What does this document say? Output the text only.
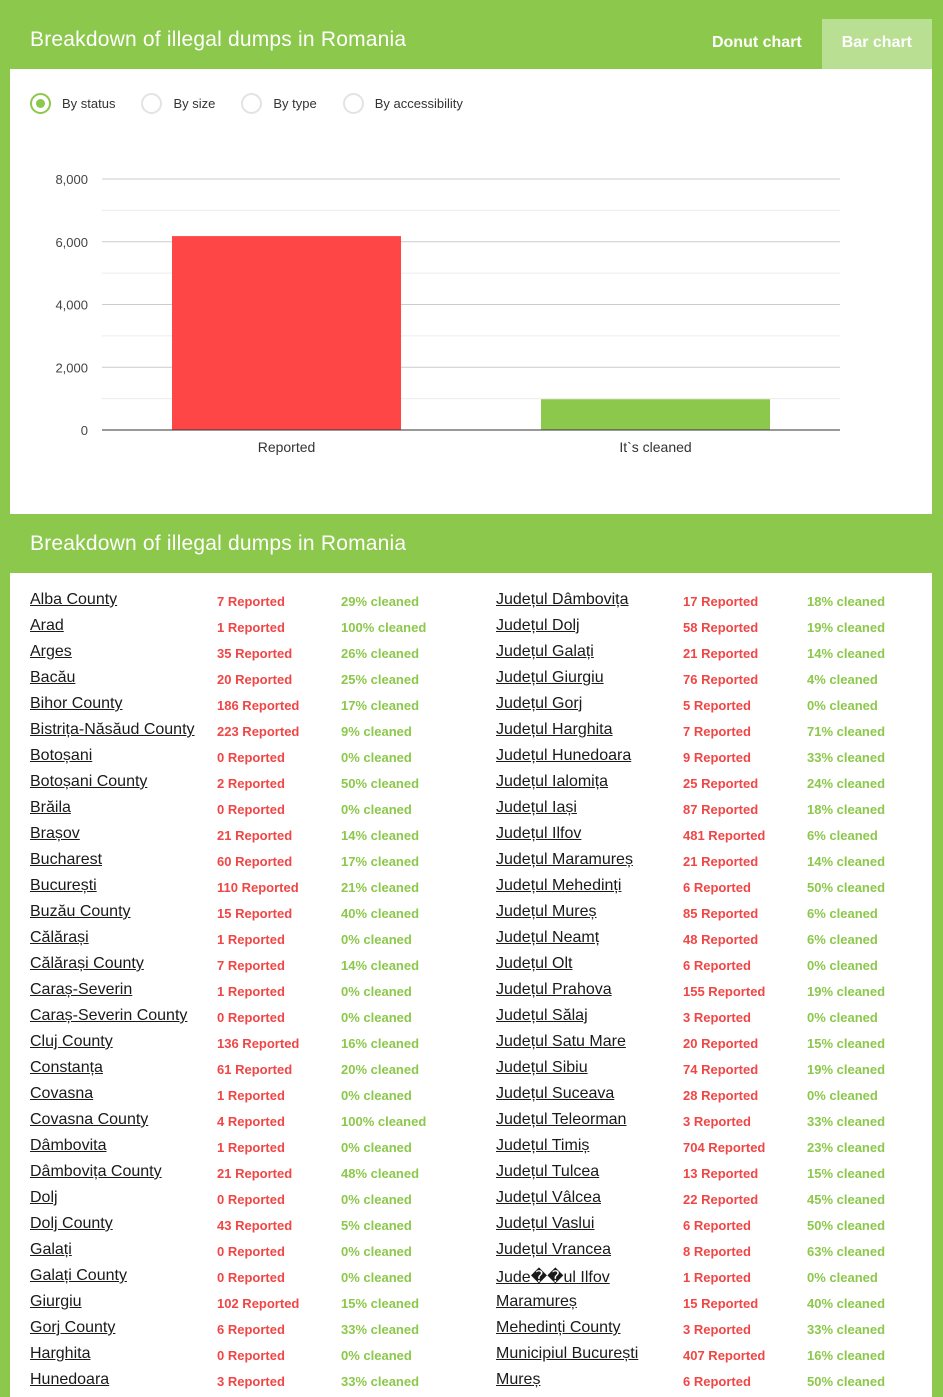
Breakdown of illegal dumps in Romania	Donut chart	Bar chart
By status	By size	By type	By accessibility
0
2,000
4,000
6,000
8,000
Reported	It`s cleaned
Breakdown of illegal dumps in Romania
Alba County	7 Reported	29% cleaned
Arad	1 Reported	100% cleaned
Arges	35 Reported	26% cleaned
Bacău	20 Reported	25% cleaned
Bihor County	186 Reported	17% cleaned
Bistrița-Năsăud County 223 Reported	9% cleaned
Botoșani	0 Reported	0% cleaned
Botoșani County	2 Reported	50% cleaned
Brăila	0 Reported	0% cleaned
Brașov	21 Reported	14% cleaned
Bucharest	60 Reported	17% cleaned
București	110 Reported	21% cleaned
Buzău County	15 Reported	40% cleaned
Călărași	1 Reported	0% cleaned
Călărași County	7 Reported	14% cleaned
Caraș-Severin	1 Reported	0% cleaned
Caraș-Severin County 0 Reported	0% cleaned
Cluj County	136 Reported	16% cleaned
Constanța	61 Reported	20% cleaned
Covasna	1 Reported	0% cleaned
Covasna County	4 Reported	100% cleaned
Dâmbovita	1 Reported	0% cleaned
Dâmbovița County	21 Reported	48% cleaned
Dolj	0 Reported	0% cleaned
Dolj County	43 Reported	5% cleaned
Galați	0 Reported	0% cleaned
Galați County	0 Reported	0% cleaned
Giurgiu	102 Reported	15% cleaned
Gorj County	6 Reported	33% cleaned
Harghita	0 Reported	0% cleaned
Hunedoara	3 Reported	33% cleaned
Județul Dâmbovița	17 Reported	18% cleaned
Județul Dolj	58 Reported	19% cleaned
Județul Galați	21 Reported	14% cleaned
Județul Giurgiu	76 Reported	4% cleaned
Județul Gorj	5 Reported	0% cleaned
Județul Harghita	7 Reported	71% cleaned
Județul Hunedoara	9 Reported	33% cleaned
Județul Ialomița	25 Reported	24% cleaned
Județul Iași	87 Reported	18% cleaned
Județul Ilfov	481 Reported	6% cleaned
Județul Maramureș	21 Reported	14% cleaned
Județul Mehedinți	6 Reported	50% cleaned
Județul Mureș	85 Reported	6% cleaned
Județul Neamț	48 Reported	6% cleaned
Județul Olt	6 Reported	0% cleaned
Județul Prahova	155 Reported	19% cleaned
Județul Sălaj	3 Reported	0% cleaned
Județul Satu Mare	20 Reported	15% cleaned
Județul Sibiu	74 Reported	19% cleaned
Județul Suceava	28 Reported	0% cleaned
Județul Teleorman	3 Reported	33% cleaned
Județul Timiș	704 Reported	23% cleaned
Județul Tulcea	13 Reported	15% cleaned
Județul Vâlcea	22 Reported	45% cleaned
Județul Vaslui	6 Reported	50% cleaned
Județul Vrancea	8 Reported	63% cleaned
Jude��ul Ilfov	1 Reported	0% cleaned
Maramureș	15 Reported	40% cleaned
Mehedinți County	3 Reported	33% cleaned
Municipiul București	407 Reported	16% cleaned
Mureș	6 Reported	50% cleaned
